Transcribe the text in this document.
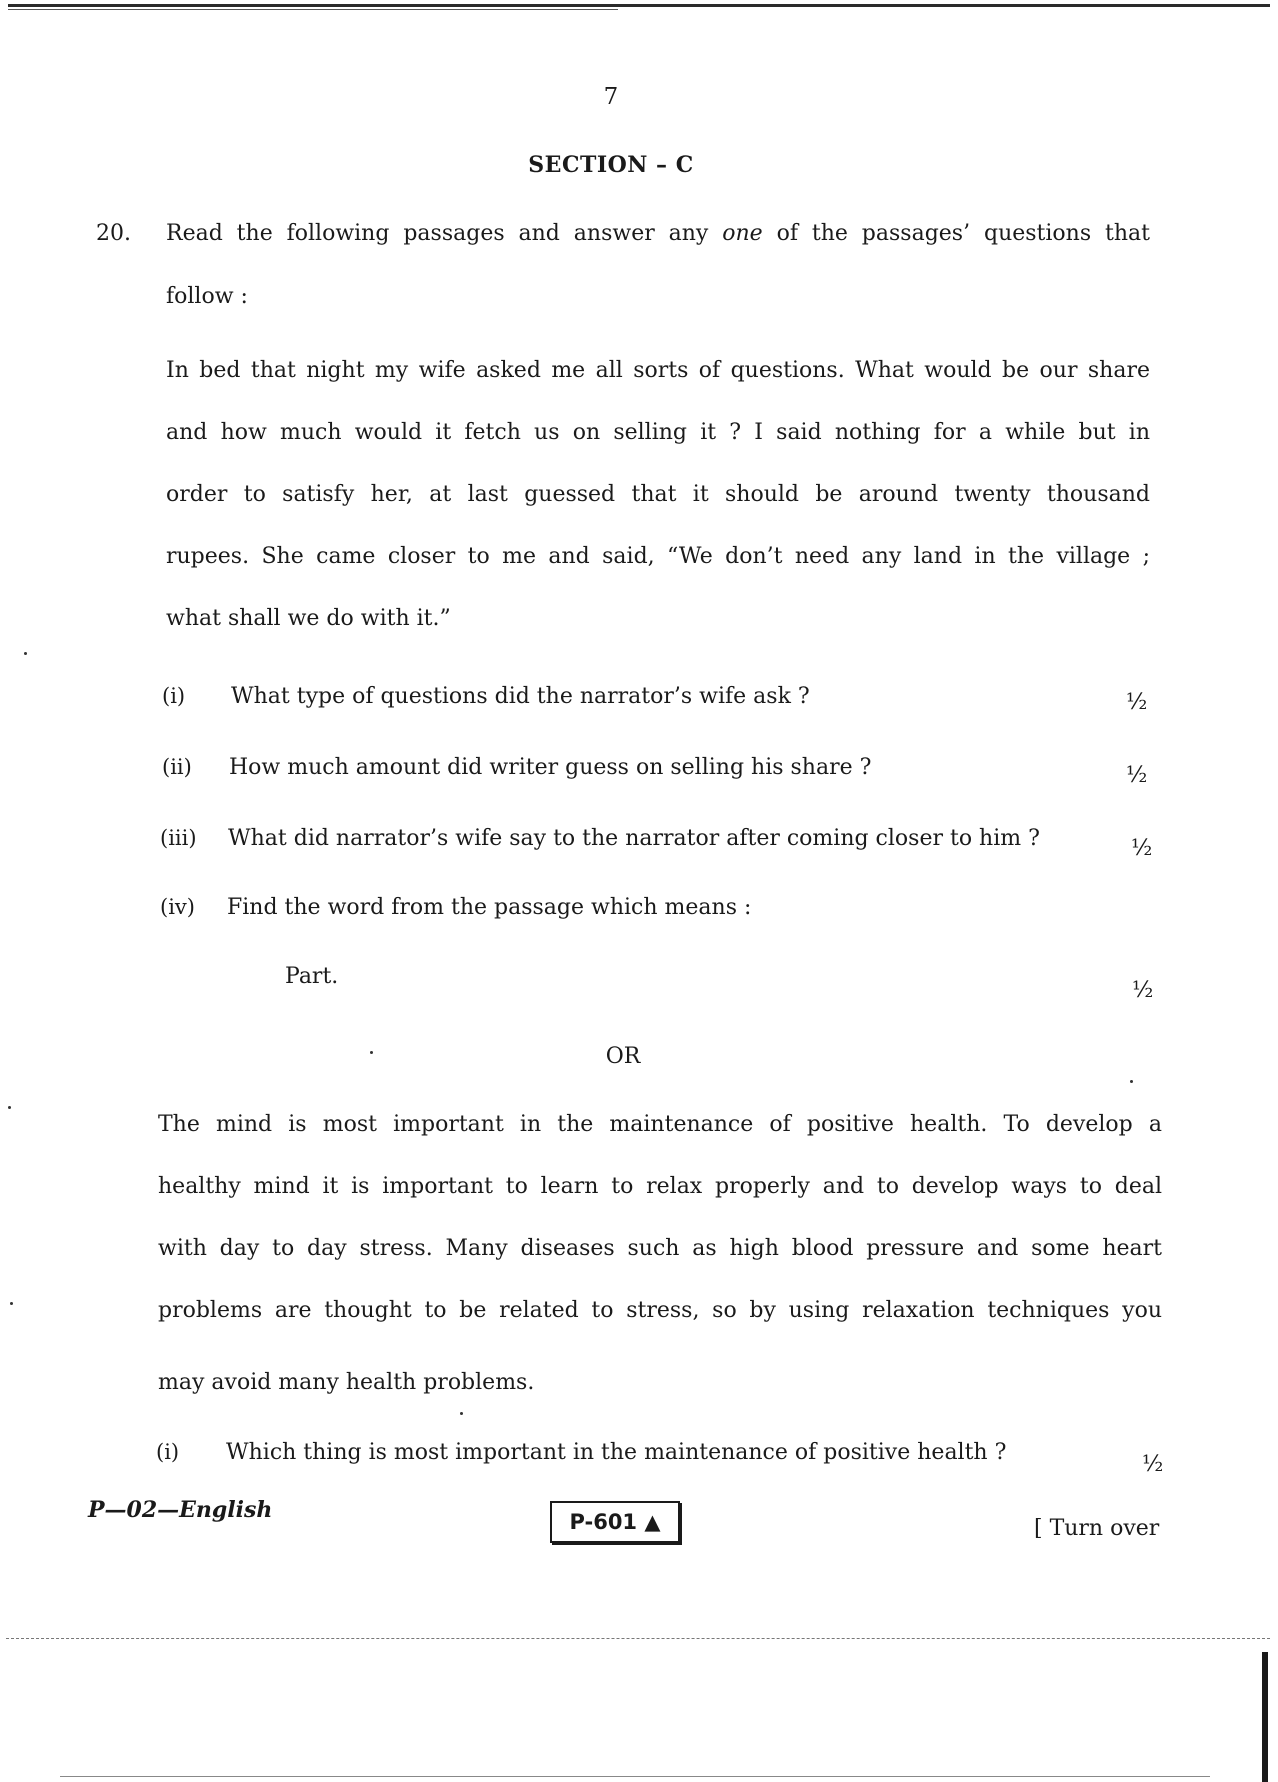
7
SECTION – C
20. Read the following passages and answer any one of the passages’ questions that
follow :
In bed that night my wife asked me all sorts of questions. What would be our share
and how much would it fetch us on selling it ? I said nothing for a while but in
order to satisfy her, at last guessed that it should be around twenty thousand
rupees. She came closer to me and said, “We don’t need any land in the village ;
what shall we do with it.”
(i) What type of questions did the narrator’s wife ask ?	½
(ii) How much amount did writer guess on selling his share ?	½
(iii) What did narrator’s wife say to the narrator after coming closer to him ?	½
(iv) Find the word from the passage which means :
Part.
½
OR
The mind is most important in the maintenance of positive health. To develop a
healthy mind it is important to learn to relax properly and to develop ways to deal
with day to day stress. Many diseases such as high blood pressure and some heart
problems are thought to be related to stress, so by using relaxation techniques you
may avoid many health problems.
(i) Which thing is most important in the maintenance of positive health ?	½
P—02—English	P-601 ▲	[ Turn over
